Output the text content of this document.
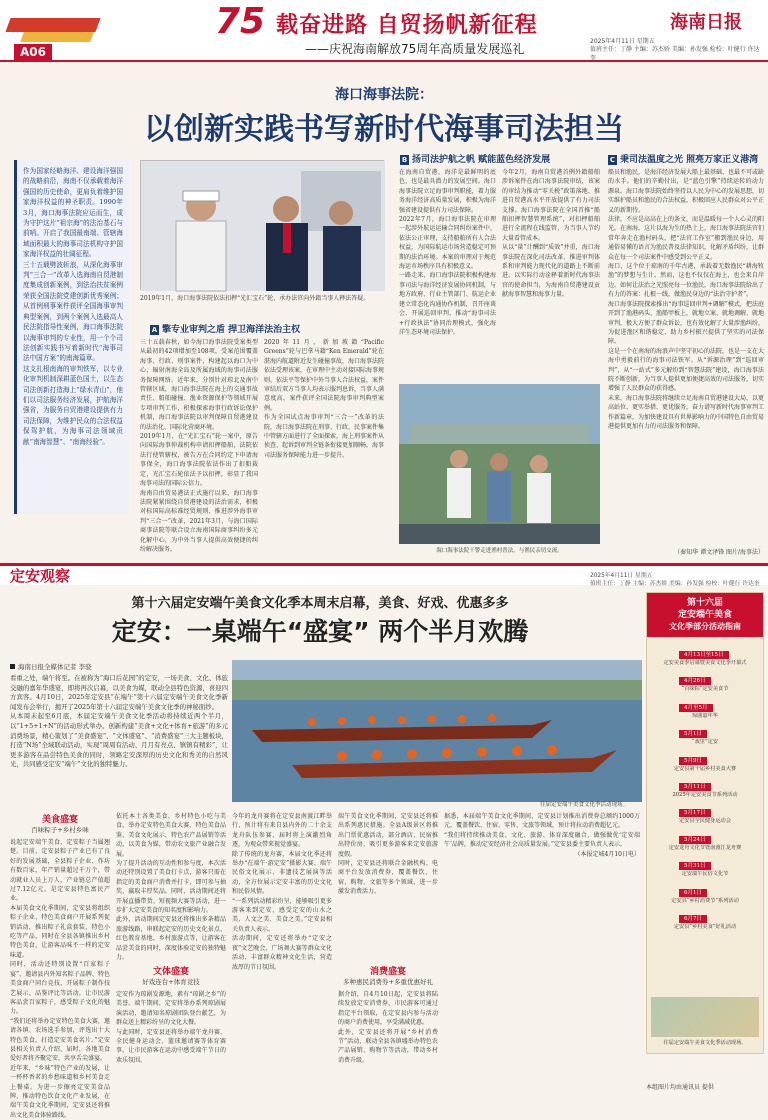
A06
75 载奋进路 自贸扬帆新征程
——庆祝海南解放75周年高质量发展巡礼
海南日报
2025年4月11日 星期五
值班主任：丁静 主编：苏杰娇 美编：孙发强 检校：叶健行 许达奎
海口海事法院：
以创新实践书写新时代海事司法担当

作为国家经略海洋、建设海洋强国的战略前沿，海南不仅承载着海洋强国的历史使命，更肩负着维护国家海洋权益的神圣职责。1990年3月，海口海事法院应运而生，成为守护这片“祖宗海”的法治基石与前哨。开启了我国最南端、管辖海域面积最大的海事司法机构守护国家海洋权益的壮阔征程。
三十五载劈波斩浪，从深化海事审判“三合一”改革入选海南自贸港制度集成创新案例，到法治扶贫案例荣获全国法院党建创新优秀案例；从首例刑事案件获评全国海事审判典型案例，到两个案例入选最高人民法院指导性案例，海口海事法院以海事审判的专业性，用一个个司法创新实践书写着新时代“海事司法中国方案”的南海篇章。
这支扎根南海的审判铁军，以专业化审判机制深耕蓝色国土，以生态司法创新打造海上“绿水青山”，他们以司法服务经济发展，护航海洋强省，为服务自贸港建设提供有力司法保障，为维护民众的合法权益保驾护航，为海事司法领域贡献“南海智慧”、“南海经验”。

2019年1月，海口海事法院依法扣押“光汇宝石”轮，承办法官向外籍当事人释法答疑。
A 擎专业审判之盾 捍卫海洋法治主权

三十五载春秋，如今海口海事法院受案类型从最初的42项增加至108项，受案范围覆盖海事、行政、刑事案件，构建起以海口为中心，辐射南海全岛及所属海域的海事司法服务保障网络。近年来，分别针对琼北及南中管辖区域，海口海事法院在海上的交通事故责任、船舶碰撞、渔业资源保护等领域开展专项审判工作，积极探索海事行政诉讼保护机制，海口海事法院以审判保障自贸港建设的法治化、国际化营商环境。

2019年1月，在“光汇宝石”轮一案中，原告向国际海事仲裁机构申请扣押船舶，法院依法行使管辖权，被告方在合同约定下申请海事保全，海口海事法院依法作出了扣船裁定，光汇宝石轮依法予以扣押，彰显了我国海事司法的国际公信力。

海南自由贸易港法正式施行以来，海口海事法院紧紧围绕自贸港建设的法治需求，积极对标国际高标准经贸规则，推进涉外海事审判“三合一”改革，2021年3月，与海口国际商事法院等联合设立海南国际商事纠纷多元化解中心，为中外当事人提供高效便捷的纠纷解决服务。

2020年11月，新加坡籍“Pacific Greens”轮与巴拿马籍“Ken Emerald”轮在湛海内航道附近发生碰撞事故，海口海事法院依法受理该案，在审理中主动对接国际海事规则，依法平等保护中外当事人合法权益，案件审结后双方当事人均表示服判息诉，当事人满意度高，案件获评全国法院海事审判典型案例。

作为全国试点海事审判“三合一”改革的法院，海口海事法院在刑事、行政、民事案件集中管辖方面进行了全面探索，海上刑事案件从侦查、起诉到审判全链条衔接更加顺畅，海事司法服务保障能力进一步提升。

B 扬司法护航之帆 赋能蓝色经济发展

在海南自贸港，海洋是最鲜明的底色，也是最具潜力的发展空间。海口海事法院立足海事审判职能，着力服务海洋经济高质量发展，积极为海洋强省建设提供有力司法保障。

2022年7月，海口海事法院在审理一起涉外航运运输合同纠纷案件中，依法公正审理，支持船舶所有人合法权益，为国际航运市场营造稳定可预期的法治环境。本案的审理对于规范海运市场秩序具有积极意义。

一路走来，海口海事法院积极构建海事司法与海洋经济发展协同机制，与地方政府、行业主管部门、航运企业建立常态化沟通协作机制，召开座谈会、开展巡回审判，推动“海事司法+行政执法”协同治理模式，强化海洋生态环境司法保护。

今年2月，海南自贸港首例外籍船舶涉诉案件在海口海事法院审结，该案的审结为推动“零关税”政策落地、推进自贸港高水平开放提供了有力司法支撑。海口海事法院在全国首推“船舶扣押智慧管理系统”，对扣押船舶进行全流程在线监管，为当事人节约大量看管成本。

从以“量”计酬到“质效”并重，海口海事法院在深化司法改革、推进审判体系和审判能力现代化的道路上不断前进，以实际行动诠释着新时代海事法官的使命担当，为海南自贸港建设贡献海事智慧和海事力量。

海口海事法院干警走进渔村普法，与渔民亲切交流。
C 秉司法温度之光 照亮万家正义港湾

船员和渔民，是海洋经济发展大船上最基础、也最不可或缺的水手。他们的辛勤付出，是“蓝色引擎”持续运转的动力源泉。海口海事法院始终坚持以人民为中心的发展思想，切实维护船员和渔民的合法权益，积极回应人民群众对公平正义的新期待。

法律，不应是高高在上的条文，而是温暖每一个人心灵的阳光。在南海，这片以海为生的热土上，海口海事法院法官们常年奔走在渔村码头，把“法官工作室”搬到渔民身边，用通俗易懂的语言为渔民普及法律知识，化解矛盾纠纷，让群众在每一个司法案件中感受到公平正义。

海口、这个位于琼南的千年古港，承载着无数渔民“耕海牧渔”的梦想与生计。然而，这也不仅仅在海上，也会来自岸边。如何让法治之光照亮每一位渔民，海口海事法院给出了有力的答案：扎根一线，做渔民身边的“法治守护者”。

海口海事法院探索推出“海事巡回审判+调解”模式，把法庭开到了渔港码头、渔船甲板上，就地立案、就地调解、就地审判，极大方便了群众诉讼，也有效化解了大量涉渔纠纷，为促进渔区和谐稳定、助力乡村振兴提供了坚实的司法保障。

这是一个在南海的海浪声中坚守初心的法院，也是一支在大海中勇毅前行的海事司法铁军。从“诉源治理”到“巡回审判”，从“一站式”多元解纷到“智慧法院”建设，海口海事法院不断创新，为当事人提供更加便捷高效的司法服务，切实增强了人民群众的获得感。

未来，海口海事法院将继续立足海南自贸港建设大局，以更高站位、更实举措、更优服务，奋力谱写新时代海事审判工作新篇章，为加快建设具有世界影响力的中国特色自由贸易港提供更加有力的司法服务和保障。

（秦知华 谭文泽锋 图片/海事法）
定安观察	2025年4月11日 星期五
值班主任：丁静 主编：苏杰娇 美编：孙发强 检校：叶健行 许达奎
第十六届定安端午美食文化季本周末启幕，美食、好戏、优惠多多
定安：一桌端午“盛宴” 两个半月欢腾
海南日报全媒体记者 李骁

看重之处，端午将至。在被称为“海口后花园”的定安，一场美食、文化、体旅交融的嘉年华盛宴，即将再次启幕，以美食为媒，联动全县特色资源，喜迎四方宾客。4月10日，2025年定安县“在端午”第十六届定安端午美食文化季新闻发布会举行，揭开了2025年第十六届定安端午美食文化季的神秘面纱。

从本周末起至6月底，本届定安端午美食文化季活动将持续近两个半月，以“1+5+1+N”的活动形式举办。创新构建“美食+文化+体育+旅游”的多元消费场景，精心策划了“美食盛宴”、“文体盛宴”、“消费盛宴”三大主题板块，打造“N场”全域联动活动，实现“周周有活动、月月有亮点、镇镇有精彩”，让更多游客在品尝特色美食的同时，领略定安深厚的历史文化和秀美的自然风光，共同感受定安“端午”文化的独特魅力。

往届定安端午美食文化季活动现场。
美食盛宴
百味粽子+乡村乡味

说起定安端午美食，定安粽子当属翘楚。目前，定安县粽子产业已有了良好的发展基础，全县粽子企业、作坊有数百家，年产销量超过千万个，带动就业人员上万人，产业链总产值超过7.12亿元，是定安县特色富民产业。

本届美食文化季期间，定安县将组织粽子企业、特色美食商户开展系列促销活动，推出粽子礼盒套装、特色小吃等产品，同时在全县各镇推出乡村特色美食，让游客品味不一样的定安味道。

同时，活动还特别设置“百家粽子宴”，邀请县内外知名粽子品牌、特色美食商户同台竞技，开展粽子制作技艺展示、品鉴评比等活动，让市民游客品尝百家粽子，感受粽子文化的魅力。

“我们还将举办定安特色美食大赛，邀请各镇、农场选手参加，评选出十大特色美食，打造定安美食名片。”定安县相关负责人介绍，届时，各地美食爱好者将齐聚定安，共享舌尖盛宴。

近年来，“乡味”特色产业的发展，让一杯杯香茗的乡愁味道和乡村美食走上餐桌。为进一步擦亮定安美食品牌，推动特色饮食文化产业发展，在端午美食文化季期间，定安县还将推出文化美食体验路线。

依托本土各类美食，乡村特色小吃与美食，举办定安特色美食大赛、特色美食品鉴、美食文化展示、特色农产品展销等活动，以美食为媒，带动农文旅产业融合发展。

为了提升活动的互动性和参与度，本次活动还特别设置了美食打卡点，游客只需在指定的美食商户消费并打卡，即可参与抽奖，赢取丰厚奖品。同时，活动期间还将开展直播带货、短视频大赛等活动，进一步扩大定安美食的知名度和影响力。

此外，活动期间定安县还将推出多条精品旅游线路，串联起定安的历史文化景点、红色教育基地、乡村旅游点等，让游客在品尝美食的同时，深度体验定安的独特魅力。

文体盛宴
好戏连台+体育竞技

定安作为琼剧发源地，素有“琼剧之乡”的美誉。端午期间，定安将举办系列琼剧展演活动，邀请知名琼剧团队登台献艺，为群众送上精彩纷呈的文化大餐。

与此同时，定安县还将举办端午龙舟赛、全民健身运动会、篮球邀请赛等体育赛事，让市民游客在运动中感受端午节日的欢乐氛围。

今年的龙舟赛将在定安县南渡江畔举行，预计将有来自县内外的二十余支龙舟队伍参赛，届时将上演激烈角逐，为观众带来视觉盛宴。

除了传统的龙舟赛，本届文化季还将举办“在端午·游定安”摄影大赛、端午民俗文化展示、非遗技艺展演等活动，全方位展示定安丰富的历史文化和民俗风情。

“一系列活动精彩纷呈，能够吸引更多游客来到定安，感受定安的山水之美、人文之美、美食之美。”定安县相关负责人表示。

活动期间，定安还将举办“定安之夜”文艺晚会、广场舞大赛等群众文化活动，丰富群众精神文化生活，营造浓厚的节日氛围。

端午美食文化季期间，定安县还将推出系列惠民措施。全县A级景区将推出门票优惠活动，部分酒店、民宿推出特价房，吸引更多游客来定安旅游度假。

同时，定安县还将联合金融机构、电商平台发放消费券，覆盖餐饮、住宿、购物、文旅等多个领域，进一步激发消费活力。

消费盛宴
多种惠民消费券+多重优惠好礼

据介绍，自4月10日起，定安县将陆续发放定安消费券，市民游客可通过指定平台领取，在定安县内参与活动的商户消费使用，享受满减优惠。

此外，定安县还将开展“乡村消费节”活动，联动全县各镇墟举办特色农产品展销、购物节等活动，带动乡村消费升级。

据悉，本届端午美食文化季期间，定安县计划推出消费券总额约1000万元，覆盖餐饮、住宿、零售、文旅等领域，预计将拉动消费超亿元。

“我们将持续推动美食、文化、旅游、体育深度融合，做强做优‘定安端午’品牌，推动定安经济社会高质量发展。”定安县委主要负责人表示。

（本报定城4月10日电）

第十六届
定安端午美食
文化季部分活动指南
4月13日至15日
定安美食季启幕暨美食文化季开幕式
4月26日
“百味粽”定安美食节
4月至5月
琼剧嘉年华
5月1日
“戏里”定安
5月9日
定安县第十届乡村美食大赛
5月11日
2025年定安美食节系列活动
5月17日
定安县全民健身运动会
5月24日
定安龙舟文化节暨南渡江龙舟赛
5月31日
定安端午民俗文化节
6月1日
定安县“乡村消费节”系列活动
6月7日
定安县“乡村美食”好礼活动
往届定安端午美食文化季活动现场。
本组图片均由通讯员 提供
